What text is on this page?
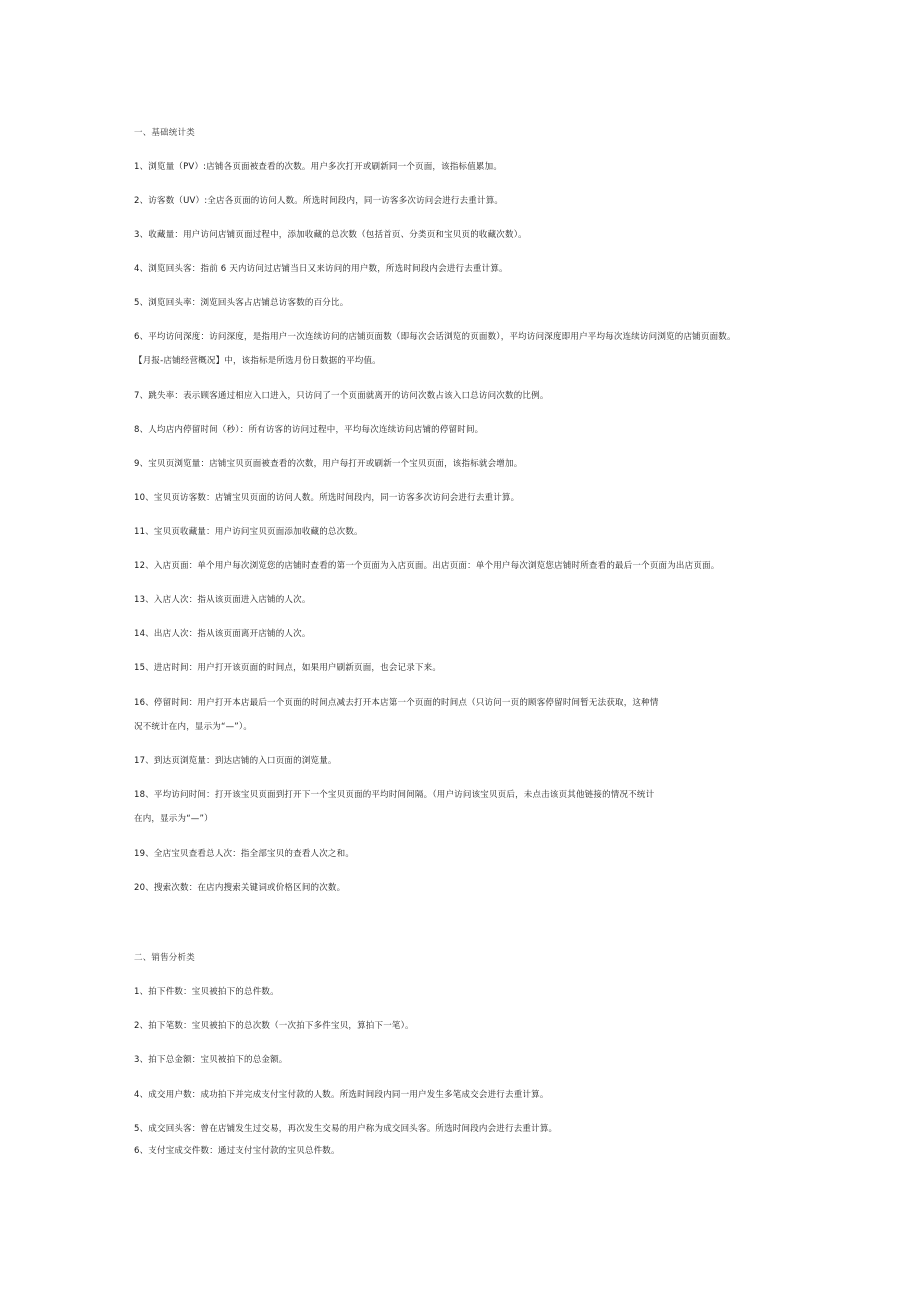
一、基础统计类
1、浏览量（PV）:店铺各页面被查看的次数。用户多次打开或刷新同一个页面，该指标值累加。
2、访客数（UV）:全店各页面的访问人数。所选时间段内，同一访客多次访问会进行去重计算。
3、收藏量：用户访问店铺页面过程中，添加收藏的总次数（包括首页、分类页和宝贝页的收藏次数）。
4、浏览回头客：指前 6 天内访问过店铺当日又来访问的用户数，所选时间段内会进行去重计算。
5、浏览回头率：浏览回头客占店铺总访客数的百分比。
6、平均访问深度：访问深度，是指用户一次连续访问的店铺页面数（即每次会话浏览的页面数），平均访问深度即用户平均每次连续访问浏览的店铺页面数。
【月报-店铺经营概况】中，该指标是所选月份日数据的平均值。
7、跳失率：表示顾客通过相应入口进入，只访问了一个页面就离开的访问次数占该入口总访问次数的比例。
8、人均店内停留时间（秒）：所有访客的访问过程中，平均每次连续访问店铺的停留时间。
9、宝贝页浏览量：店铺宝贝页面被查看的次数，用户每打开或刷新一个宝贝页面，该指标就会增加。
10、宝贝页访客数：店铺宝贝页面的访问人数。所选时间段内，同一访客多次访问会进行去重计算。
11、宝贝页收藏量：用户访问宝贝页面添加收藏的总次数。
12、入店页面：单个用户每次浏览您的店铺时查看的第一个页面为入店页面。出店页面：单个用户每次浏览您店铺时所查看的最后一个页面为出店页面。
13、入店人次：指从该页面进入店铺的人次。
14、出店人次：指从该页面离开店铺的人次。
15、进店时间：用户打开该页面的时间点，如果用户刷新页面，也会记录下来。
16、停留时间：用户打开本店最后一个页面的时间点减去打开本店第一个页面的时间点（只访问一页的顾客停留时间暂无法获取，这种情
况不统计在内，显示为“—”）。
17、到达页浏览量：到达店铺的入口页面的浏览量。
18、平均访问时间：打开该宝贝页面到打开下一个宝贝页面的平均时间间隔。（用户访问该宝贝页后，未点击该页其他链接的情况不统计
在内，显示为“—”）
19、全店宝贝查看总人次：指全部宝贝的查看人次之和。
20、搜索次数：在店内搜索关键词或价格区间的次数。
二、销售分析类
1、拍下件数：宝贝被拍下的总件数。
2、拍下笔数：宝贝被拍下的总次数（一次拍下多件宝贝，算拍下一笔）。
3、拍下总金额：宝贝被拍下的总金额。
4、成交用户数：成功拍下并完成支付宝付款的人数。所选时间段内同一用户发生多笔成交会进行去重计算。
5、成交回头客：曾在店铺发生过交易，再次发生交易的用户称为成交回头客。所选时间段内会进行去重计算。
6、支付宝成交件数：通过支付宝付款的宝贝总件数。
